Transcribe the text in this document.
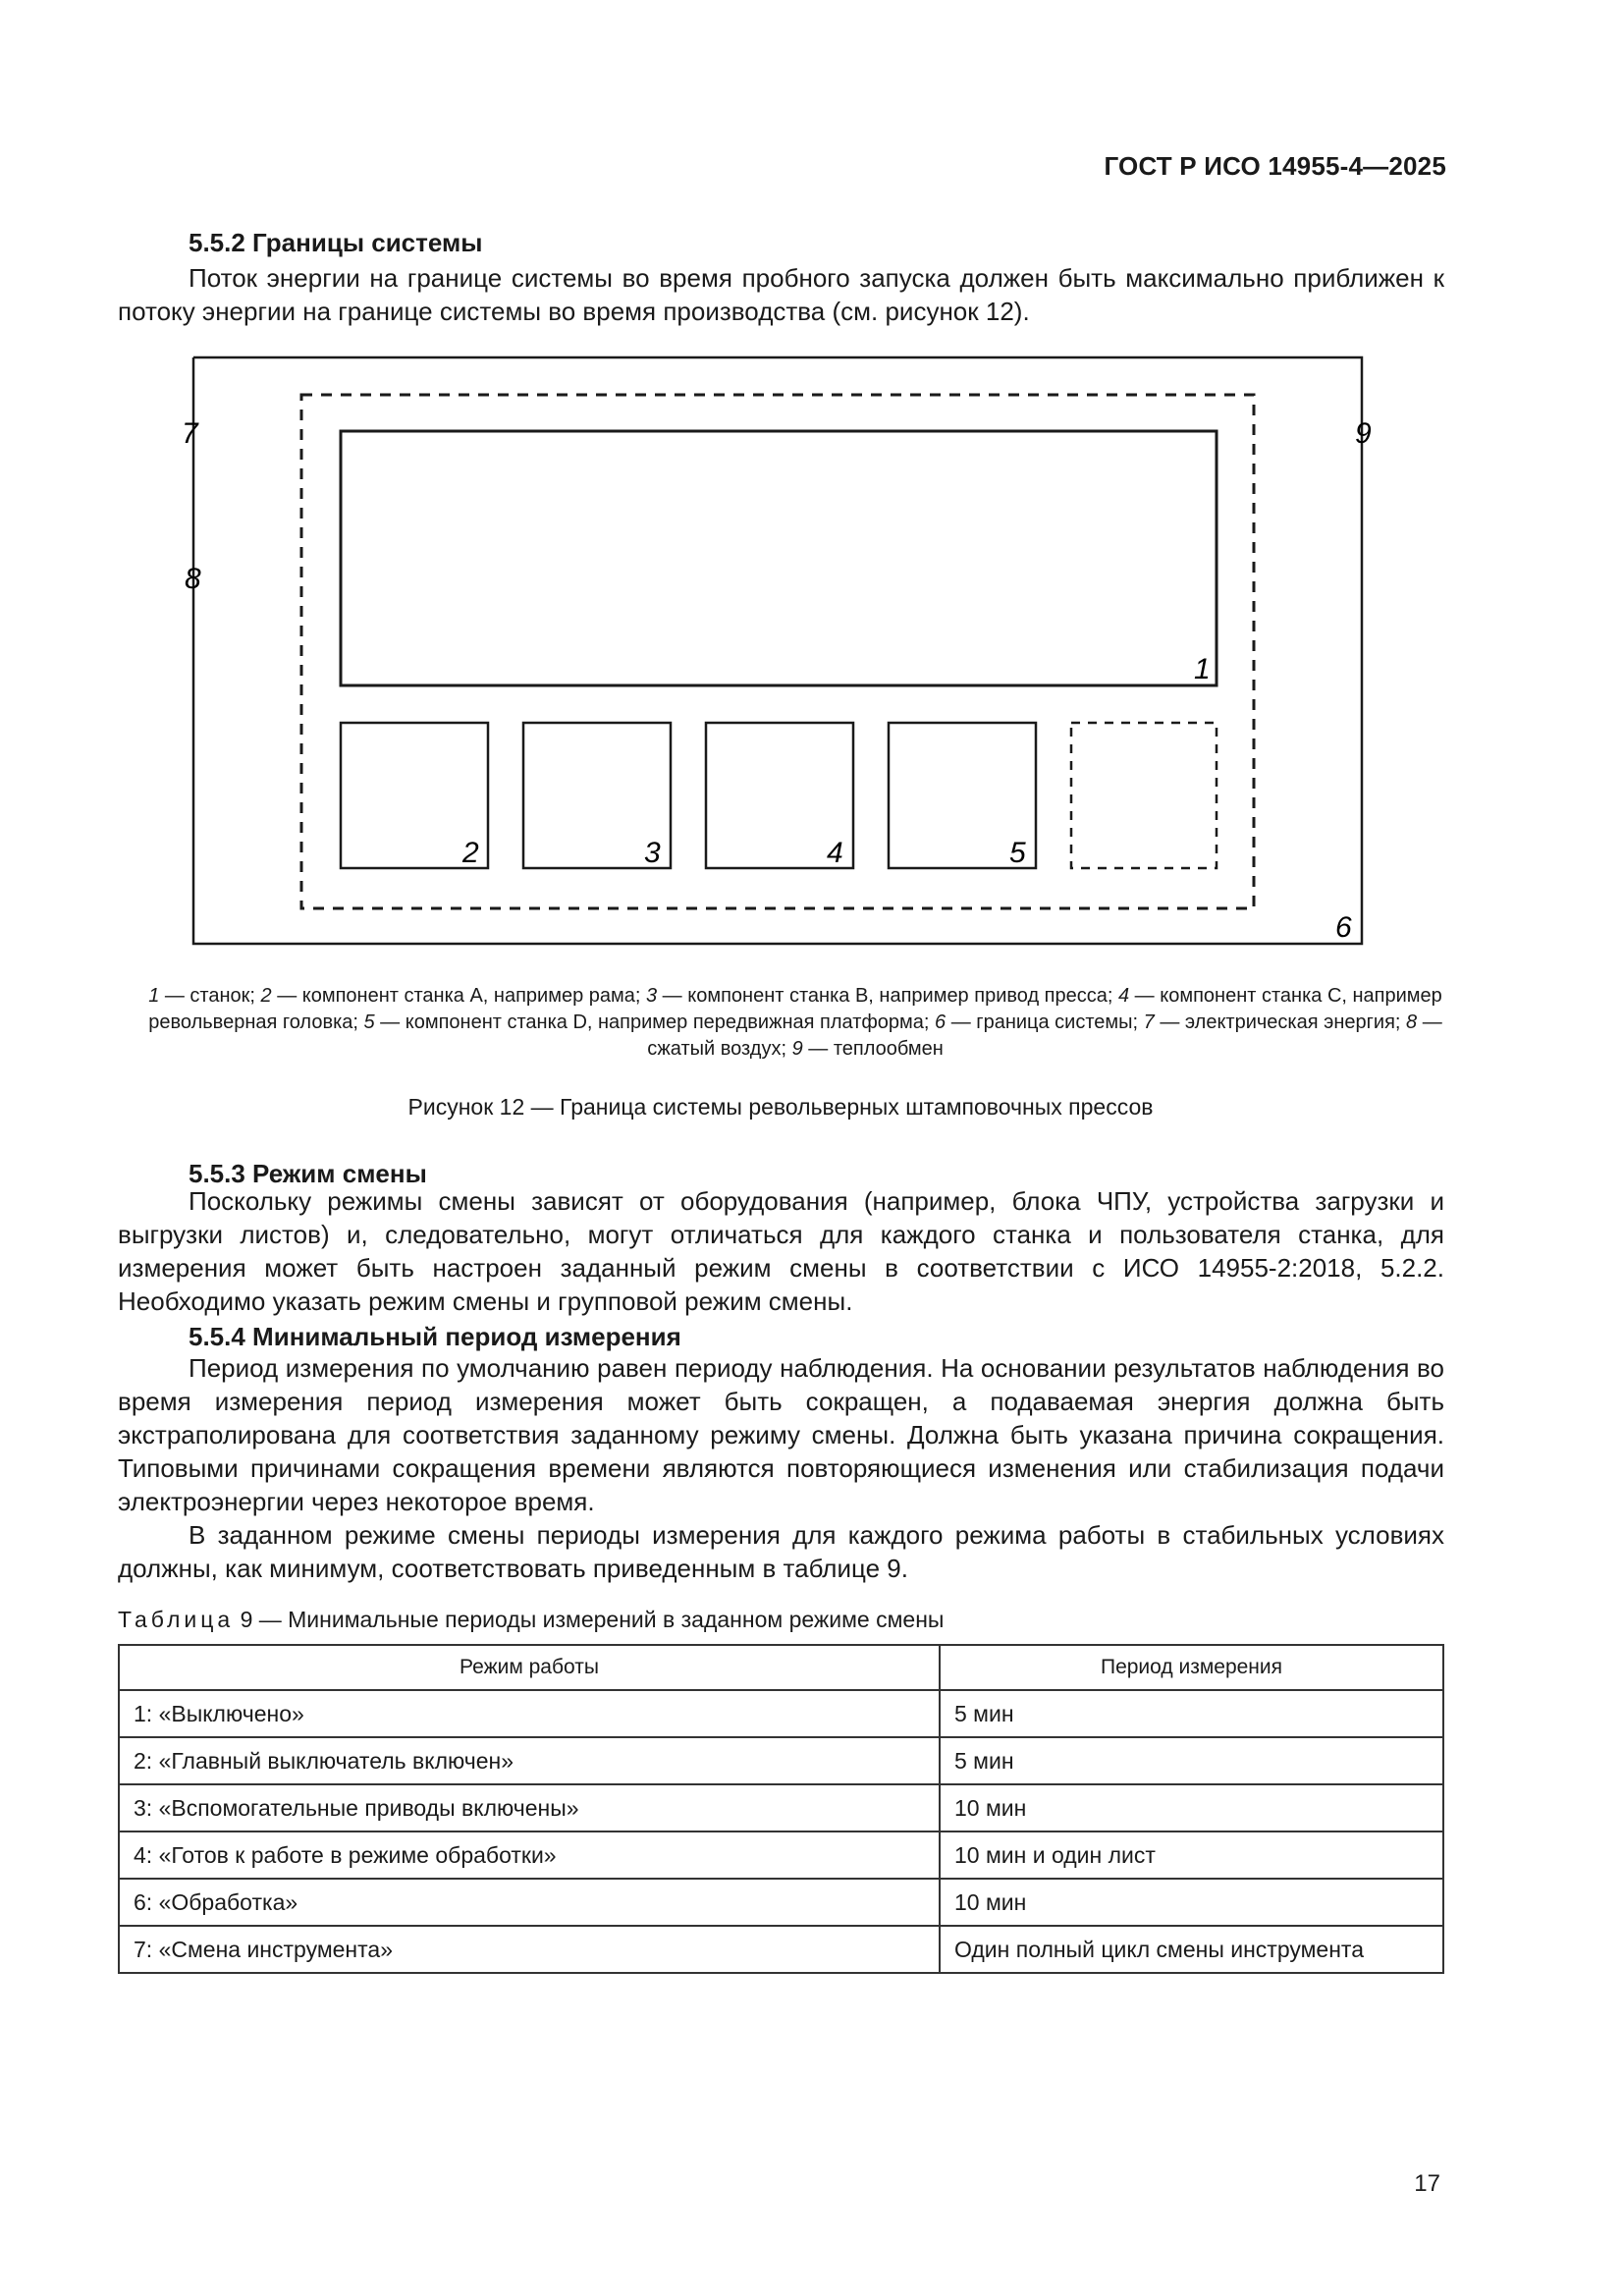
ГОСТ Р ИСО 14955-4—2025
5.5.2 Границы системы
Поток энергии на границе системы во время пробного запуска должен быть максимально приближен к потоку энергии на границе системы во время производства (см. рисунок 12).
7
8
9
1
2	3	4	5
6
1 — станок; 2 — компонент станка А, например рама; 3 — компонент станка В, например привод пресса; 4 — компонент станка С, например револьверная головка; 5 — компонент станка D, например передвижная платформа; 6 — граница системы; 7 — электрическая энергия; 8 — сжатый воздух; 9 — теплообмен
Рисунок 12 — Граница системы револьверных штамповочных прессов
5.5.3 Режим смены
Поскольку режимы смены зависят от оборудования (например, блока ЧПУ, устройства загрузки и выгрузки листов) и, следовательно, могут отличаться для каждого станка и пользователя станка, для измерения может быть настроен заданный режим смены в соответствии с ИСО 14955-2:2018, 5.2.2. Необходимо указать режим смены и групповой режим смены.
5.5.4 Минимальный период измерения
Период измерения по умолчанию равен периоду наблюдения. На основании результатов наблюдения во время измерения период измерения может быть сокращен, а подаваемая энергия должна быть экстраполирована для соответствия заданному режиму смены. Должна быть указана причина сокращения. Типовыми причинами сокращения времени являются повторяющиеся изменения или стабилизация подачи электроэнергии через некоторое время.
В заданном режиме смены периоды измерения для каждого режима работы в стабильных условиях должны, как минимум, соответствовать приведенным в таблице 9.
Таблица 9 — Минимальные периоды измерений в заданном режиме смены
Режим работы	Период измерения
1: «Выключено»	5 мин
2: «Главный выключатель включен»	5 мин
3: «Вспомогательные приводы включены»	10 мин
4: «Готов к работе в режиме обработки»	10 мин и один лист
6: «Обработка»	10 мин
7: «Смена инструмента»	Один полный цикл смены инструмента
17
